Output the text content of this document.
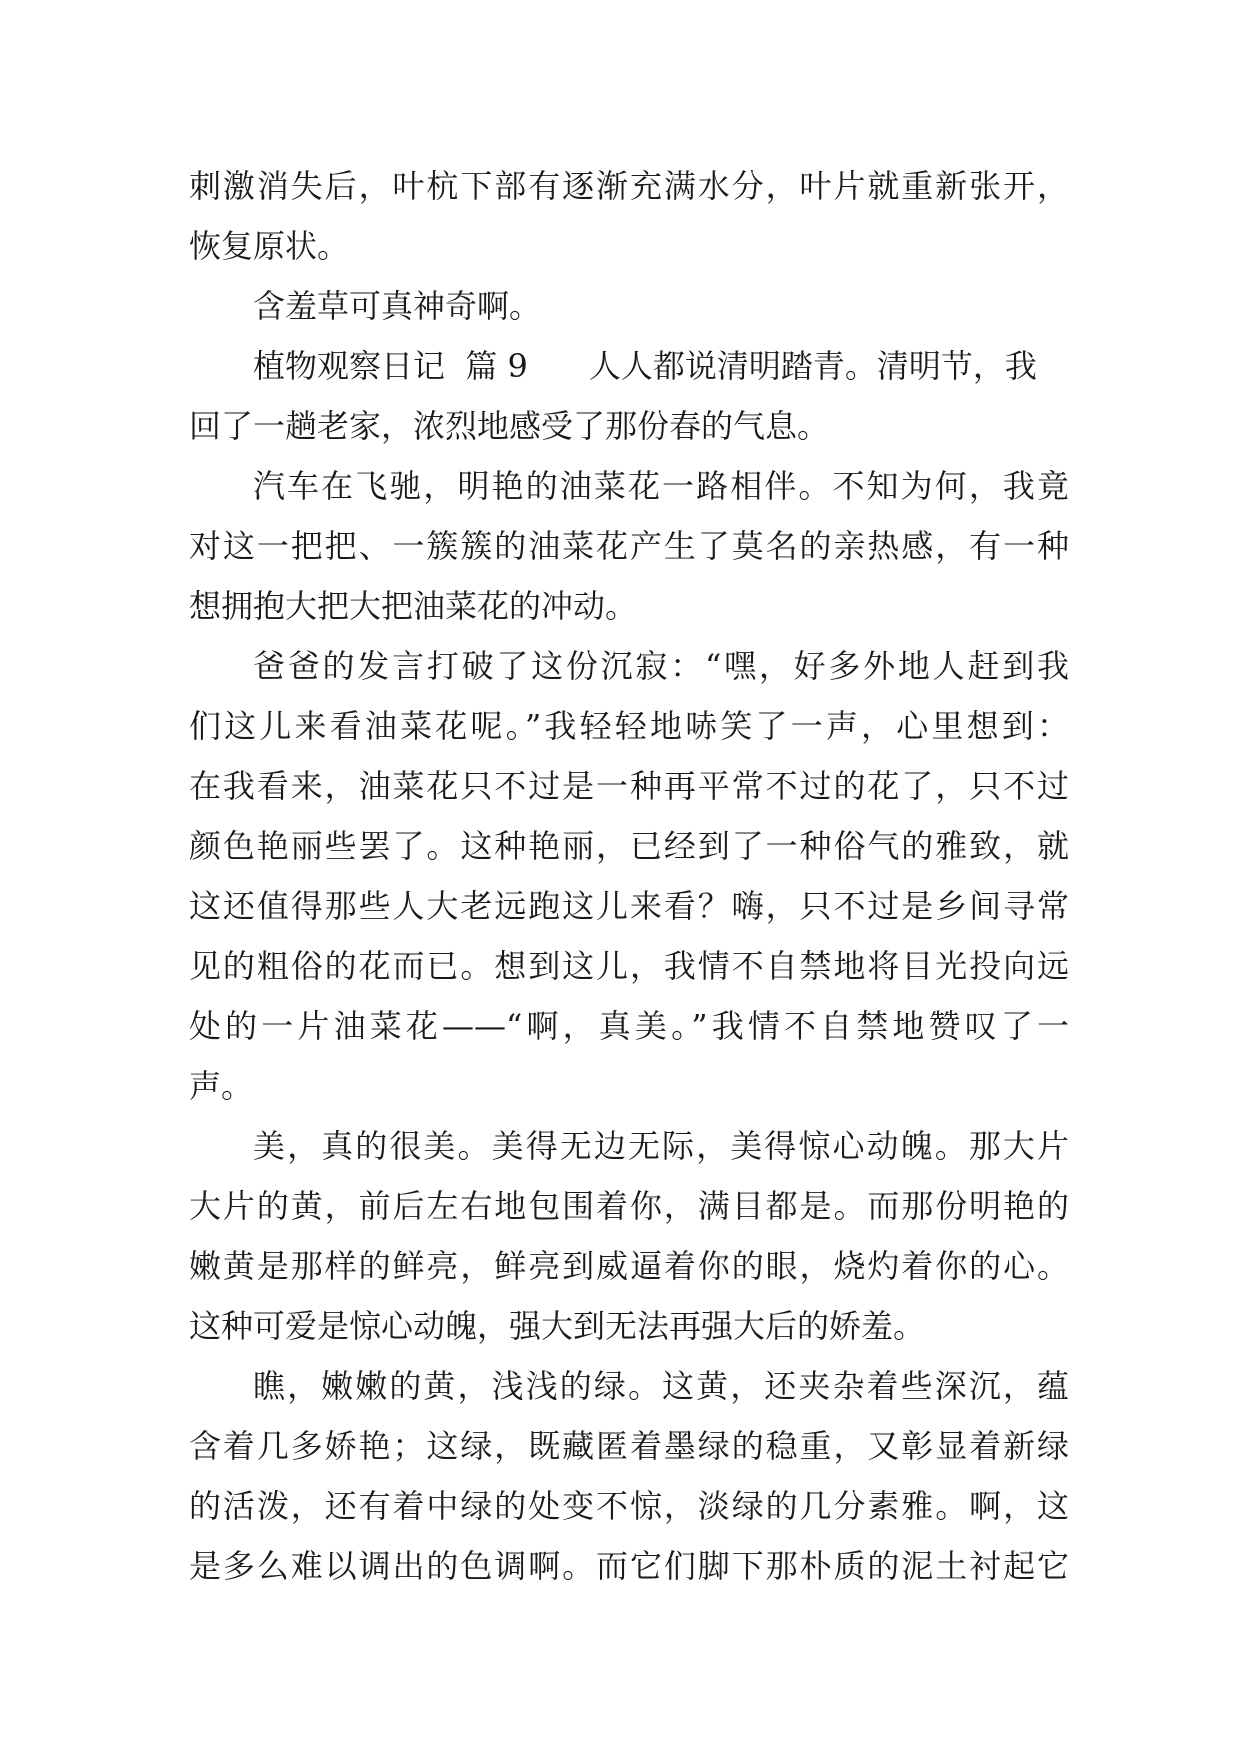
刺激消失后，叶杭下部有逐渐充满水分，叶片就重新张开，
恢复原状。
含羞草可真神奇啊。
植物观察日记  篇 9      人人都说清明踏青。清明节，我
回了一趟老家，浓烈地感受了那份春的气息。
汽车在飞驰，明艳的油菜花一路相伴。不知为何，我竟
对这一把把、一簇簇的油菜花产生了莫名的亲热感，有一种
想拥抱大把大把油菜花的冲动。
爸爸的发言打破了这份沉寂：“嘿，好多外地人赶到我
们这儿来看油菜花呢。”我轻轻地哧笑了一声，心里想到：
在我看来，油菜花只不过是一种再平常不过的花了，只不过
颜色艳丽些罢了。这种艳丽，已经到了一种俗气的雅致，就
这还值得那些人大老远跑这儿来看？嗨，只不过是乡间寻常
见的粗俗的花而已。想到这儿，我情不自禁地将目光投向远
处的一片油菜花——“啊，真美。”我情不自禁地赞叹了一
声。
美，真的很美。美得无边无际，美得惊心动魄。那大片
大片的黄，前后左右地包围着你，满目都是。而那份明艳的
嫩黄是那样的鲜亮，鲜亮到威逼着你的眼，烧灼着你的心。
这种可爱是惊心动魄，强大到无法再强大后的娇羞。
瞧，嫩嫩的黄，浅浅的绿。这黄，还夹杂着些深沉，蕴
含着几多娇艳；这绿，既藏匿着墨绿的稳重，又彰显着新绿
的活泼，还有着中绿的处变不惊，淡绿的几分素雅。啊，这
是多么难以调出的色调啊。而它们脚下那朴质的泥土衬起它
